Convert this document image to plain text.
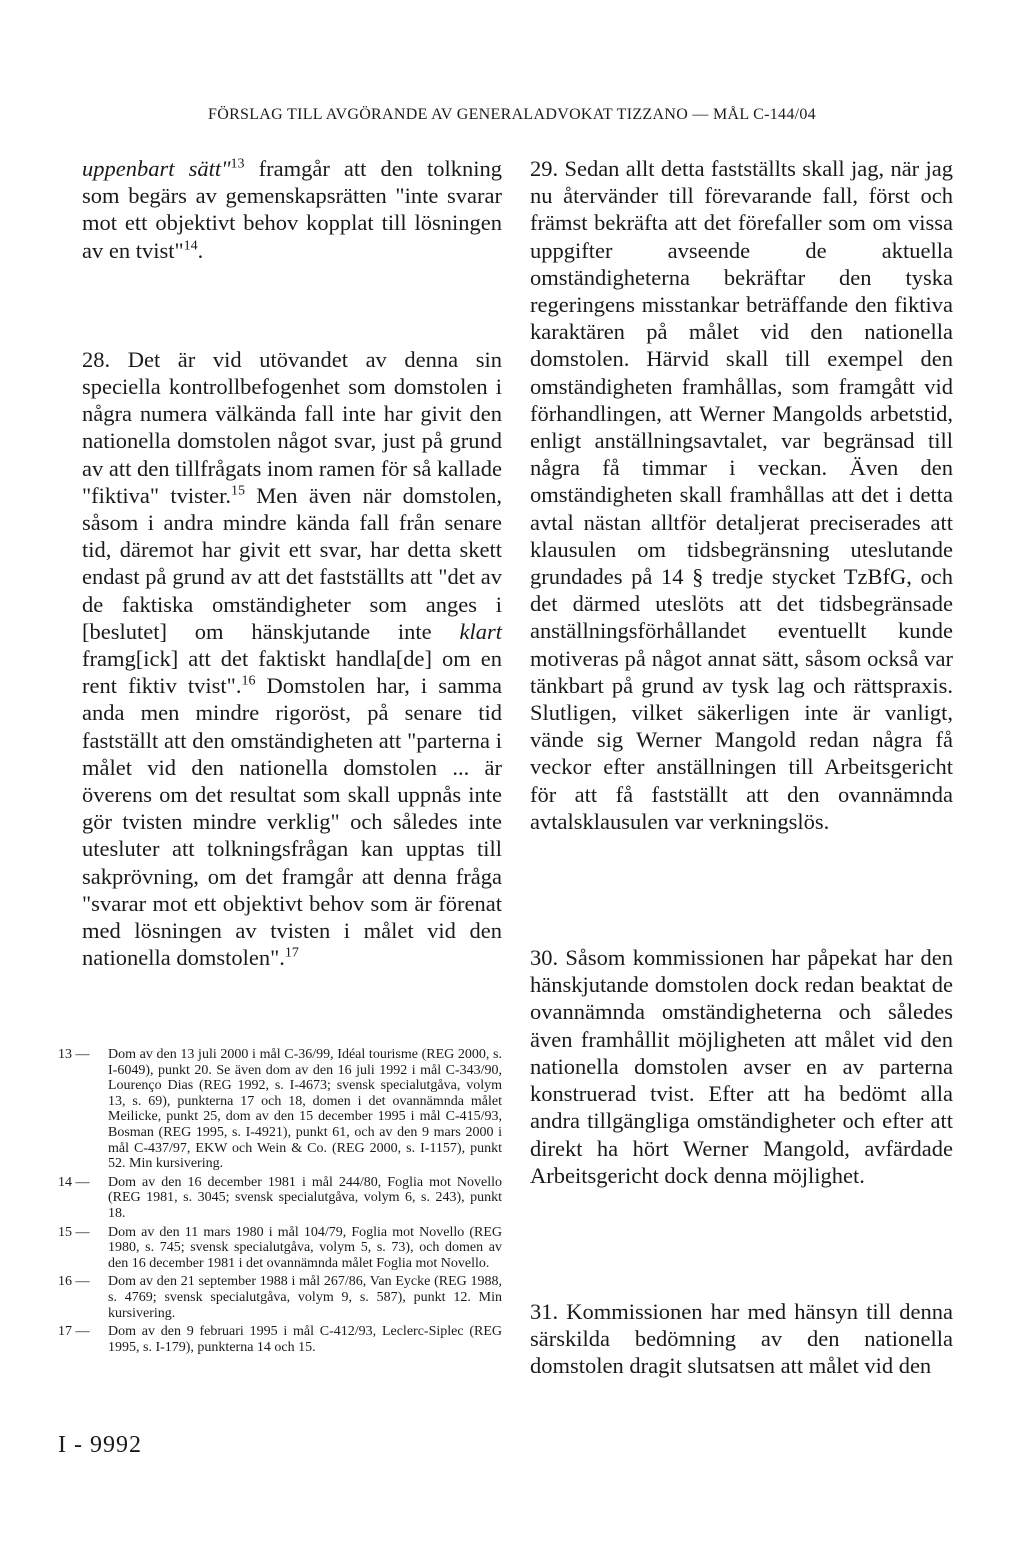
FÖRSLAG TILL AVGÖRANDE AV GENERALADVOKAT TIZZANO — MÅL C-144/04

uppenbart sätt"$^{13}$ framgår att den tolkning som begärs av gemenskapsrätten "inte svarar mot ett objektivt behov kopplat till lösningen av en tvist"$^{14}$.

28. Det är vid utövandet av denna sin speciella kontrollbefogenhet som domstolen i några numera välkända fall inte har givit den nationella domstolen något svar, just på grund av att den tillfrågats inom ramen för så kallade "fiktiva" tvister.$^{15}$ Men även när domstolen, såsom i andra mindre kända fall från senare tid, däremot har givit ett svar, har detta skett endast på grund av att det fastställts att "det av de faktiska omständigheter som anges i [beslutet] om hänskjutande inte klart framg[ick] att det faktiskt handla[de] om en rent fiktiv tvist".$^{16}$ Domstolen har, i samma anda men mindre rigoröst, på senare tid fastställt att den omständigheten att "parterna i målet vid den nationella domstolen ... är överens om det resultat som skall uppnås inte gör tvisten mindre verklig" och således inte utesluter att tolkningsfrågan kan upptas till sakprövning, om det framgår att denna fråga "svarar mot ett objektivt behov som är förenat med lösningen av tvisten i målet vid den nationella domstolen".$^{17}$

29. Sedan allt detta fastställts skall jag, när jag nu återvänder till förevarande fall, först och främst bekräfta att det förefaller som om vissa uppgifter avseende de aktuella omständigheterna bekräftar den tyska regeringens misstankar beträffande den fiktiva karaktären på målet vid den nationella domstolen. Härvid skall till exempel den omständigheten framhållas, som framgått vid förhandlingen, att Werner Mangolds arbetstid, enligt anställningsavtalet, var begränsad till några få timmar i veckan. Även den omständigheten skall framhållas att det i detta avtal nästan alltför detaljerat preciserades att klausulen om tidsbegränsning uteslutande grundades på 14 § tredje stycket TzBfG, och det därmed uteslöts att det tidsbegränsade anställningsförhållandet eventuellt kunde motiveras på något annat sätt, såsom också var tänkbart på grund av tysk lag och rättspraxis. Slutligen, vilket säkerligen inte är vanligt, vände sig Werner Mangold redan några få veckor efter anställningen till Arbeitsgericht för att få fastställt att den ovannämnda avtalsklausulen var verkningslös.

30. Såsom kommissionen har påpekat har den hänskjutande domstolen dock redan beaktat de ovannämnda omständigheterna och således även framhållit möjligheten att målet vid den nationella domstolen avser en av parterna konstruerad tvist. Efter att ha bedömt alla andra tillgängliga omständigheter och efter att direkt ha hört Werner Mangold, avfärdade Arbeitsgericht dock denna möjlighet.

31. Kommissionen har med hänsyn till denna särskilda bedömning av den nationella domstolen dragit slutsatsen att målet vid den

13 —	Dom av den 13 juli 2000 i mål C-36/99, Idéal tourisme (REG 2000, s. I-6049), punkt 20. Se även dom av den 16 juli 1992 i mål C-343/90, Lourenço Dias (REG 1992, s. I-4673; svensk specialutgåva, volym 13, s. 69), punkterna 17 och 18, domen i det ovannämnda målet Meilicke, punkt 25, dom av den 15 december 1995 i mål C-415/93, Bosman (REG 1995, s. I-4921), punkt 61, och av den 9 mars 2000 i mål C-437/97, EKW och Wein & Co. (REG 2000, s. I-1157), punkt 52. Min kursivering.
14 —	Dom av den 16 december 1981 i mål 244/80, Foglia mot Novello (REG 1981, s. 3045; svensk specialutgåva, volym 6, s. 243), punkt 18.
15 —	Dom av den 11 mars 1980 i mål 104/79, Foglia mot Novello (REG 1980, s. 745; svensk specialutgåva, volym 5, s. 73), och domen av den 16 december 1981 i det ovannämnda målet Foglia mot Novello.
16 —	Dom av den 21 september 1988 i mål 267/86, Van Eycke (REG 1988, s. 4769; svensk specialutgåva, volym 9, s. 587), punkt 12. Min kursivering.
17 —	Dom av den 9 februari 1995 i mål C-412/93, Leclerc-Siplec (REG 1995, s. I-179), punkterna 14 och 15.
I - 9992
